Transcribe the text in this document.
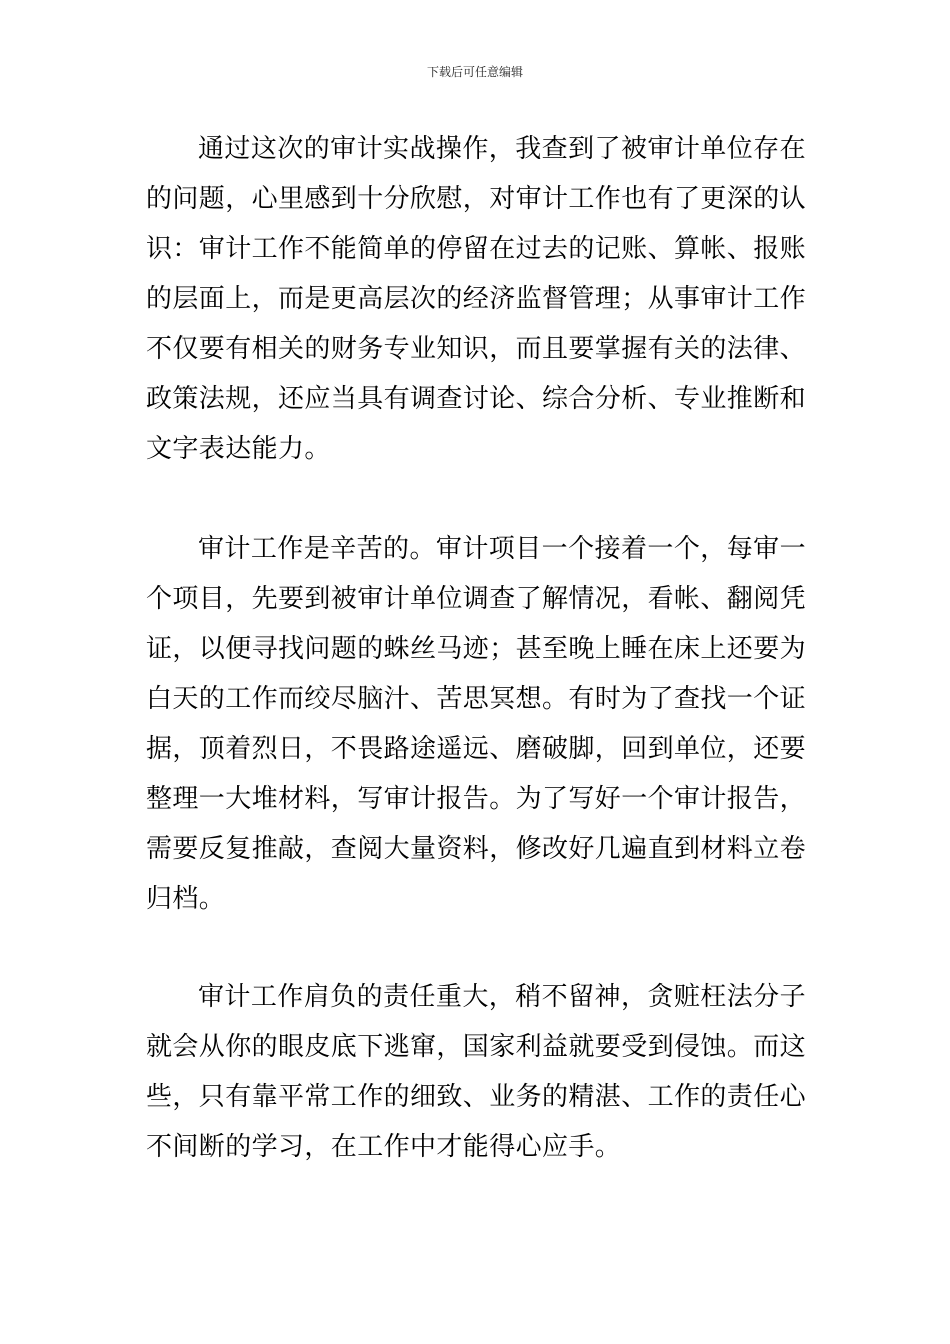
下载后可任意编辑

通过这次的审计实战操作，我查到了被审计单位存在的问题，心里感到十分欣慰，对审计工作也有了更深的认识：审计工作不能简单的停留在过去的记账、算帐、报账的层面上，而是更高层次的经济监督管理；从事审计工作不仅要有相关的财务专业知识，而且要掌握有关的法律、政策法规，还应当具有调查讨论、综合分析、专业推断和文字表达能力。

审计工作是辛苦的。审计项目一个接着一个，每审一个项目，先要到被审计单位调查了解情况，看帐、翻阅凭证，以便寻找问题的蛛丝马迹；甚至晚上睡在床上还要为白天的工作而绞尽脑汁、苦思冥想。有时为了查找一个证据，顶着烈日，不畏路途遥远、磨破脚，回到单位，还要整理一大堆材料，写审计报告。为了写好一个审计报告，需要反复推敲，查阅大量资料，修改好几遍直到材料立卷归档。

审计工作肩负的责任重大，稍不留神，贪赃枉法分子就会从你的眼皮底下逃窜，国家利益就要受到侵蚀。而这些，只有靠平常工作的细致、业务的精湛、工作的责任心不间断的学习，在工作中才能得心应手。
